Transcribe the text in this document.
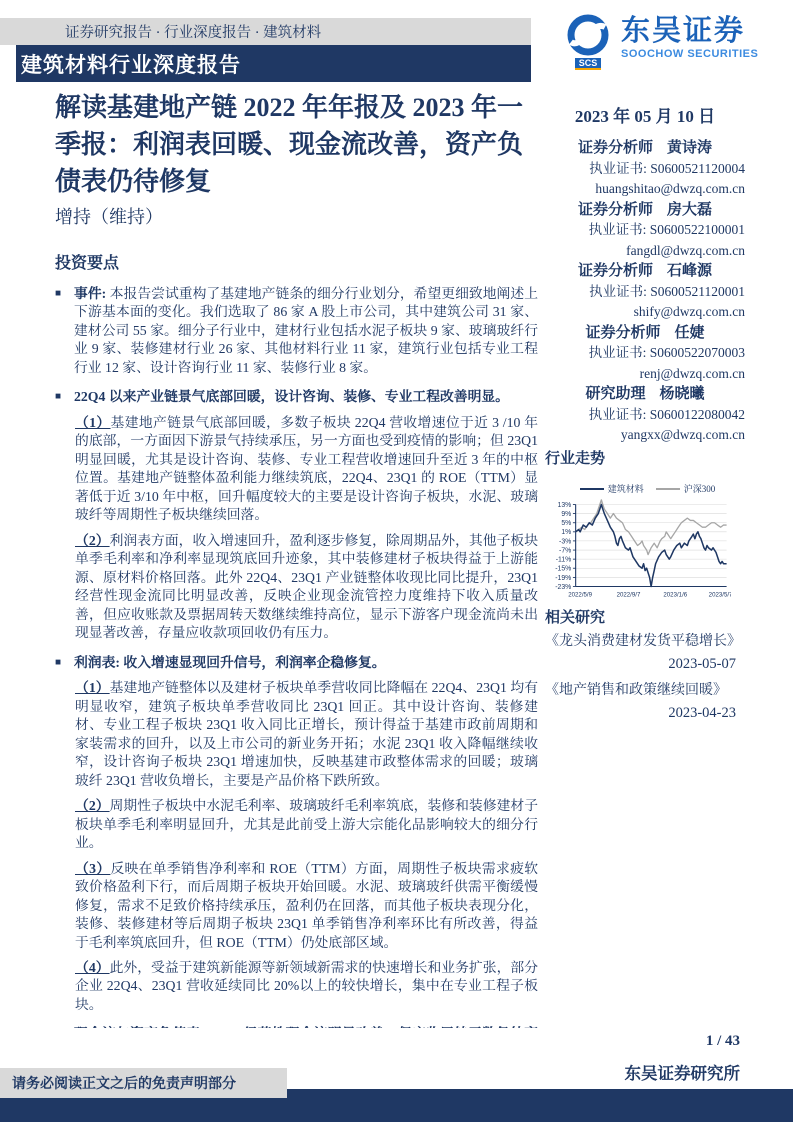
证券研究报告 · 行业深度报告 · 建筑材料
建筑材料行业深度报告	SCS
东吴证券
SOOCHOW SECURITIES
解读基建地产链 2022 年年报及 2023 年一季报：利润表回暖、现金流改善，资产负债表仍待修复
增持（维持）
2023 年 05 月 10 日
证券分析师 黄诗涛
执业证书: S0600521120004
huangshitao@dwzq.com.cn
证券分析师 房大磊
执业证书: S0600522100001
fangdl@dwzq.com.cn
证券分析师 石峰源
执业证书: S0600521120001
shify@dwzq.com.cn
证券分析师 任婕
执业证书: S0600522070003
renj@dwzq.com.cn
研究助理 杨晓曦
执业证书: S0600122080042
yangxx@dwzq.com.cn
行业走势
建筑材料	沪深300
13%
9%
5%
1%
-3%
-7%
-11%
-15%
-19%
-23%
2022/5/9	2022/9/7	2023/1/6	2023/5/7
相关研究
《龙头消费建材发货平稳增长》
2023-05-07
《地产销售和政策继续回暖》
2023-04-23
投资要点
■ 事件: 本报告尝试重构了基建地产链条的细分行业划分，希望更细致地阐述上下游基本面的变化。我们选取了 86 家 A 股上市公司，其中建筑公司 31 家、建材公司 55 家。细分子行业中，建材行业包括水泥子板块 9 家、玻璃玻纤行业 9 家、装修建材行业 26 家、其他材料行业 11 家，建筑行业包括专业工程行业 12 家、设计咨询行业 11 家、装修行业 8 家。
■ 22Q4 以来产业链景气底部回暖，设计咨询、装修、专业工程改善明显。

（1）基建地产链景气底部回暖，多数子板块 22Q4 营收增速位于近 3 /10 年的底部，一方面因下游景气持续承压，另一方面也受到疫情的影响；但 23Q1 明显回暖，尤其是设计咨询、装修、专业工程营收增速回升至近 3 年的中枢位置。基建地产链整体盈利能力继续筑底，22Q4、23Q1 的 ROE（TTM）显著低于近 3/10 年中枢，回升幅度较大的主要是设计咨询子板块，水泥、玻璃玻纤等周期性子板块继续回落。

（2）利润表方面，收入增速回升，盈利逐步修复，除周期品外，其他子板块单季毛利率和净利率显现筑底回升迹象，其中装修建材子板块得益于上游能源、原材料价格回落。此外 22Q4、23Q1 产业链整体收现比同比提升，23Q1 经营性现金流同比明显改善，反映企业现金流管控力度维持下收入质量改善，但应收账款及票据周转天数继续维持高位，显示下游客户现金流尚未出现显著改善，存量应收款项回收仍有压力。

■ 利润表: 收入增速显现回升信号，利润率企稳修复。

（1）基建地产链整体以及建材子板块单季营收同比降幅在 22Q4、23Q1 均有明显收窄，建筑子板块单季营收同比 23Q1 回正。其中设计咨询、装修建材、专业工程子板块 23Q1 收入同比正增长，预计得益于基建市政前周期和家装需求的回升，以及上市公司的新业务开拓；水泥 23Q1 收入降幅继续收窄，设计咨询子板块 23Q1 增速加快，反映基建市政整体需求的回暖；玻璃玻纤 23Q1 营收负增长，主要是产品价格下跌所致。

（2）周期性子板块中水泥毛利率、玻璃玻纤毛利率筑底，装修和装修建材子板块单季毛利率明显回升，尤其是此前受上游大宗能化品影响较大的细分行业。

（3）反映在单季销售净利率和 ROE（TTM）方面，周期性子板块需求疲软致价格盈利下行，而后周期子板块开始回暖。水泥、玻璃玻纤供需平衡缓慢修复，需求不足致价格持续承压，盈利仍在回落，而其他子板块表现分化，装修、装修建材等后周期子板块 23Q1 单季销售净利率环比有所改善，得益于毛利率筑底回升，但 ROE（TTM）仍处底部区域。

（4）此外，受益于建筑新能源等新领域新需求的快速增长和业务扩张，部分企业 22Q4、23Q1 营收延续同比 20%以上的较快增长，集中在专业工程子板块。

1 / 43
东吴证券研究所
请务必阅读正文之后的免责声明部分
